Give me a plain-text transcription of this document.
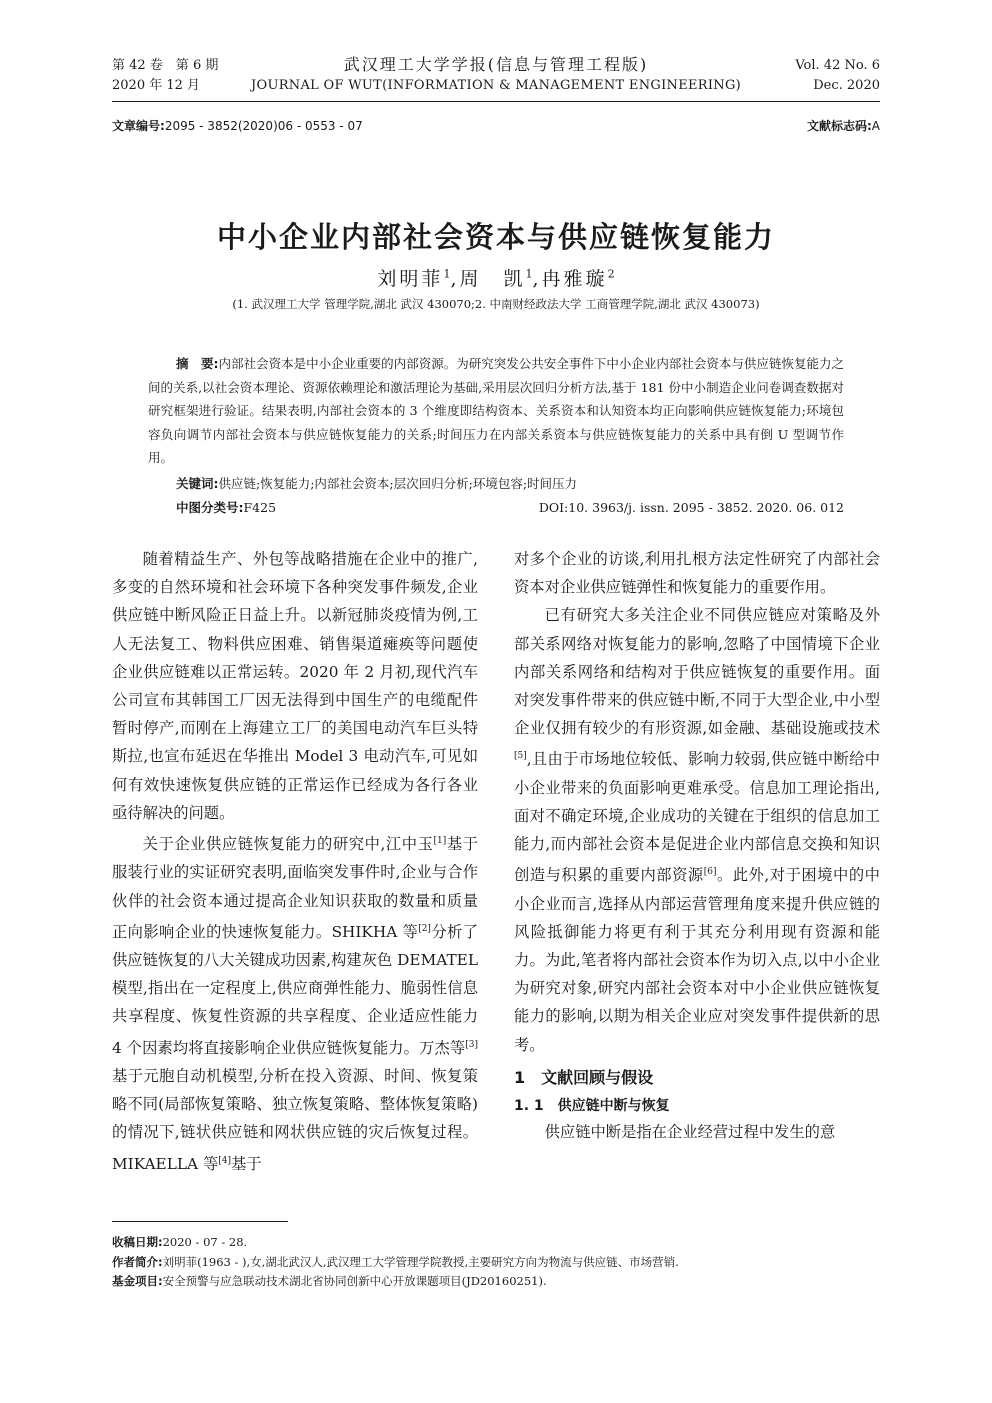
第 42 卷　第 6 期
2020 年 12 月
武汉理工大学学报(信息与管理工程版)
JOURNAL OF WUT(INFORMATION & MANAGEMENT ENGINEERING)
Vol. 42 No. 6
Dec. 2020
文章编号:2095 - 3852(2020)06 - 0553 - 07	文献标志码:A
中小企业内部社会资本与供应链恢复能力
刘明菲$^1$,周　凯$^1$,冉雅璇$^2$
(1. 武汉理工大学 管理学院,湖北 武汉 430070;2. 中南财经政法大学 工商管理学院,湖北 武汉 430073)
摘　要:内部社会资本是中小企业重要的内部资源。为研究突发公共安全事件下中小企业内部社会资本与供应链恢复能力之间的关系,以社会资本理论、资源依赖理论和激活理论为基础,采用层次回归分析方法,基于 181 份中小制造企业问卷调查数据对研究框架进行验证。结果表明,内部社会资本的 3 个维度即结构资本、关系资本和认知资本均正向影响供应链恢复能力;环境包容负向调节内部社会资本与供应链恢复能力的关系;时间压力在内部关系资本与供应链恢复能力的关系中具有倒 U 型调节作用。
关键词:供应链;恢复能力;内部社会资本;层次回归分析;环境包容;时间压力
中图分类号:F425	DOI:10. 3963/j. issn. 2095 - 3852. 2020. 06. 012

随着精益生产、外包等战略措施在企业中的推广,多变的自然环境和社会环境下各种突发事件频发,企业供应链中断风险正日益上升。以新冠肺炎疫情为例,工人无法复工、物料供应困难、销售渠道瘫痪等问题使企业供应链难以正常运转。2020 年 2 月初,现代汽车公司宣布其韩国工厂因无法得到中国生产的电缆配件暂时停产,而刚在上海建立工厂的美国电动汽车巨头特斯拉,也宣布延迟在华推出 Model 3 电动汽车,可见如何有效快速恢复供应链的正常运作已经成为各行各业亟待解决的问题。

关于企业供应链恢复能力的研究中,江中玉[1]基于服装行业的实证研究表明,面临突发事件时,企业与合作伙伴的社会资本通过提高企业知识获取的数量和质量正向影响企业的快速恢复能力。SHIKHA 等[2]分析了供应链恢复的八大关键成功因素,构建灰色 DEMATEL 模型,指出在一定程度上,供应商弹性能力、脆弱性信息共享程度、恢复性资源的共享程度、企业适应性能力 4 个因素均将直接影响企业供应链恢复能力。万杰等[3]基于元胞自动机模型,分析在投入资源、时间、恢复策略不同(局部恢复策略、独立恢复策略、整体恢复策略)的情况下,链状供应链和网状供应链的灾后恢复过程。MIKAELLA 等[4]基于

对多个企业的访谈,利用扎根方法定性研究了内部社会资本对企业供应链弹性和恢复能力的重要作用。

已有研究大多关注企业不同供应链应对策略及外部关系网络对恢复能力的影响,忽略了中国情境下企业内部关系网络和结构对于供应链恢复的重要作用。面对突发事件带来的供应链中断,不同于大型企业,中小型企业仅拥有较少的有形资源,如金融、基础设施或技术[5],且由于市场地位较低、影响力较弱,供应链中断给中小企业带来的负面影响更难承受。信息加工理论指出,面对不确定环境,企业成功的关键在于组织的信息加工能力,而内部社会资本是促进企业内部信息交换和知识创造与积累的重要内部资源[6]。此外,对于困境中的中小企业而言,选择从内部运营管理角度来提升供应链的风险抵御能力将更有利于其充分利用现有资源和能力。为此,笔者将内部社会资本作为切入点,以中小企业为研究对象,研究内部社会资本对中小企业供应链恢复能力的影响,以期为相关企业应对突发事件提供新的思考。

1　文献回顾与假设
1. 1　供应链中断与恢复

供应链中断是指在企业经营过程中发生的意

收稿日期:2020 - 07 - 28.
作者简介:刘明菲(1963 - ),女,湖北武汉人,武汉理工大学管理学院教授,主要研究方向为物流与供应链、市场营销.
基金项目:安全预警与应急联动技术湖北省协同创新中心开放课题项目(JD20160251).
